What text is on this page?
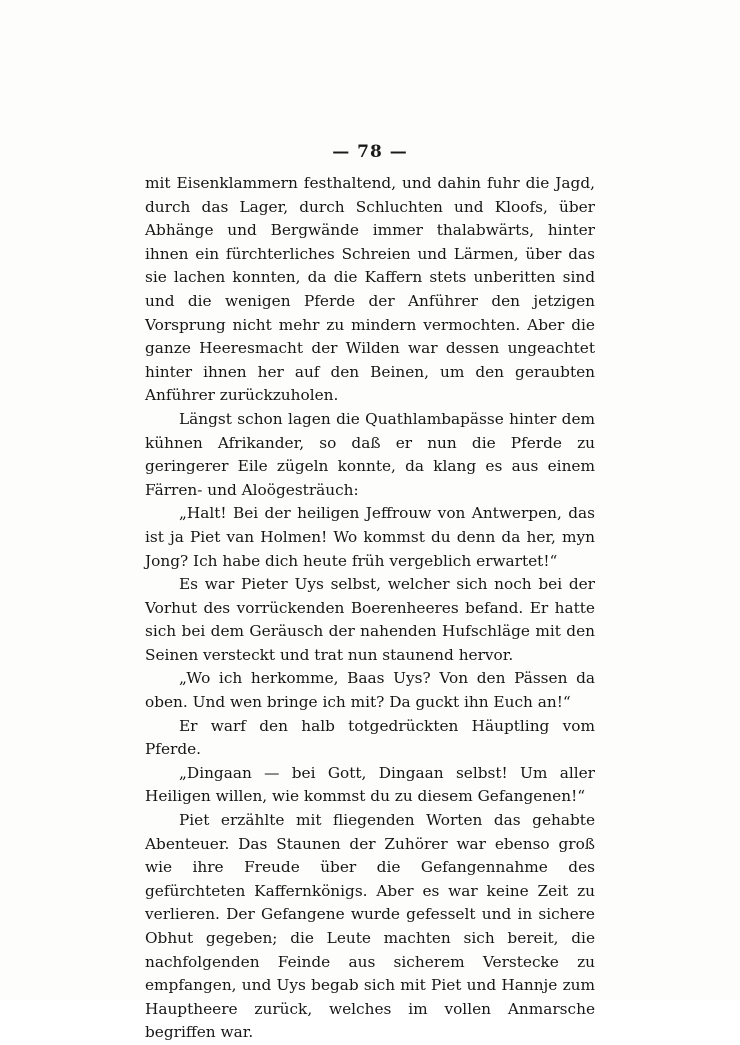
— 78 —

mit Eisenklammern festhaltend, und dahin fuhr die Jagd, durch das Lager, durch Schluchten und Kloofs, über Abhänge und Bergwände immer thalabwärts, hinter ihnen ein fürchterliches Schreien und Lärmen, über das sie lachen konnten, da die Kaffern stets unberitten sind und die wenigen Pferde der Anführer den jetzigen Vorsprung nicht mehr zu mindern vermochten. Aber die ganze Heeresmacht der Wilden war dessen ungeachtet hinter ihnen her auf den Beinen, um den geraubten Anführer zurückzuholen.

Längst schon lagen die Quathlambapässe hinter dem kühnen Afrikander, so daß er nun die Pferde zu geringerer Eile zügeln konnte, da klang es aus einem Färren- und Aloögesträuch:

„Halt! Bei der heiligen Jeffrouw von Antwerpen, das ist ja Piet van Holmen! Wo kommst du denn da her, myn Jong? Ich habe dich heute früh vergeblich erwartet!“

Es war Pieter Uys selbst, welcher sich noch bei der Vorhut des vorrückenden Boerenheeres befand. Er hatte sich bei dem Geräusch der nahenden Hufschläge mit den Seinen versteckt und trat nun staunend hervor.

„Wo ich herkomme, Baas Uys? Von den Pässen da oben. Und wen bringe ich mit? Da guckt ihn Euch an!“

Er warf den halb totgedrückten Häuptling vom Pferde.

„Dingaan — bei Gott, Dingaan selbst! Um aller Heiligen willen, wie kommst du zu diesem Gefangenen!“

Piet erzählte mit fliegenden Worten das gehabte Abenteuer. Das Staunen der Zuhörer war ebenso groß wie ihre Freude über die Gefangennahme des gefürchteten Kaffernkönigs. Aber es war keine Zeit zu verlieren. Der Gefangene wurde gefesselt und in sichere Obhut gegeben; die Leute machten sich bereit, die nachfolgenden Feinde aus sicherem Verstecke zu empfangen, und Uys begab sich mit Piet und Hannje zum Hauptheere zurück, welches im vollen Anmarsche begriffen war.
